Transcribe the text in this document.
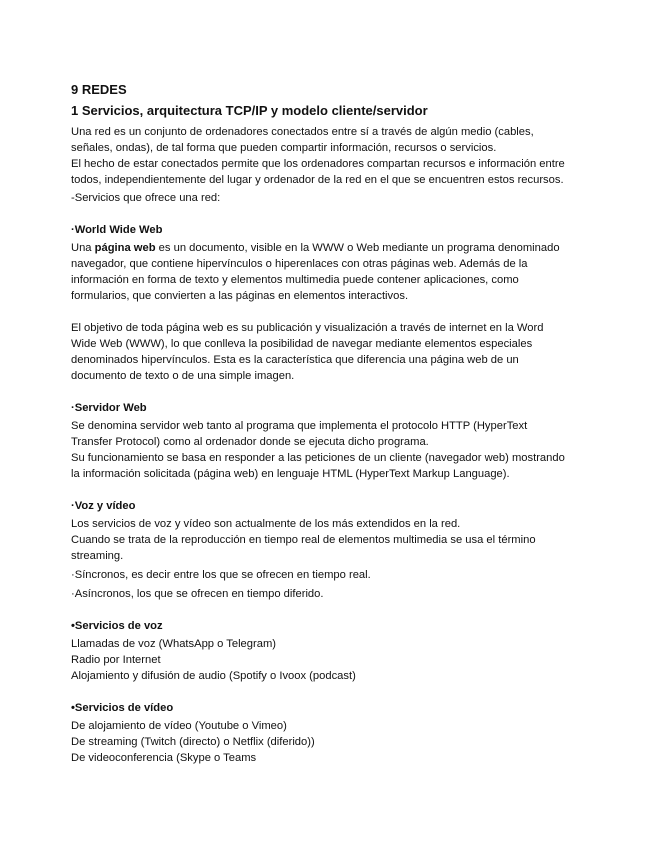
9 REDES
1 Servicios, arquitectura TCP/IP y modelo cliente/servidor
Una red es un conjunto de ordenadores conectados entre sí a través de algún medio (cables,
señales, ondas), de tal forma que pueden compartir información, recursos o servicios.
El hecho de estar conectados permite que los ordenadores compartan recursos e información entre
todos, independientemente del lugar y ordenador de la red en el que se encuentren estos recursos.
-Servicios que ofrece una red:
·World Wide Web
Una página web es un documento, visible en la WWW o Web mediante un programa denominado
navegador, que contiene hipervínculos o hiperenlaces con otras páginas web. Además de la
información en forma de texto y elementos multimedia puede contener aplicaciones, como
formularios, que convierten a las páginas en elementos interactivos.
El objetivo de toda página web es su publicación y visualización a través de internet en la Word
Wide Web (WWW), lo que conlleva la posibilidad de navegar mediante elementos especiales
denominados hipervínculos. Esta es la característica que diferencia una página web de un
documento de texto o de una simple imagen.
·Servidor Web
Se denomina servidor web tanto al programa que implementa el protocolo HTTP (HyperText
Transfer Protocol) como al ordenador donde se ejecuta dicho programa.
Su funcionamiento se basa en responder a las peticiones de un cliente (navegador web) mostrando
la información solicitada (página web) en lenguaje HTML (HyperText Markup Language).
·Voz y vídeo
Los servicios de voz y vídeo son actualmente de los más extendidos en la red.
Cuando se trata de la reproducción en tiempo real de elementos multimedia se usa el término
streaming.
·Síncronos, es decir entre los que se ofrecen en tiempo real.
·Asíncronos, los que se ofrecen en tiempo diferido.
•Servicios de voz
Llamadas de voz (WhatsApp o Telegram)
Radio por Internet
Alojamiento y difusión de audio (Spotify o Ivoox (podcast)
•Servicios de vídeo
De alojamiento de vídeo (Youtube o Vimeo)
De streaming (Twitch (directo) o Netflix (diferido))
De videoconferencia (Skype o Teams
